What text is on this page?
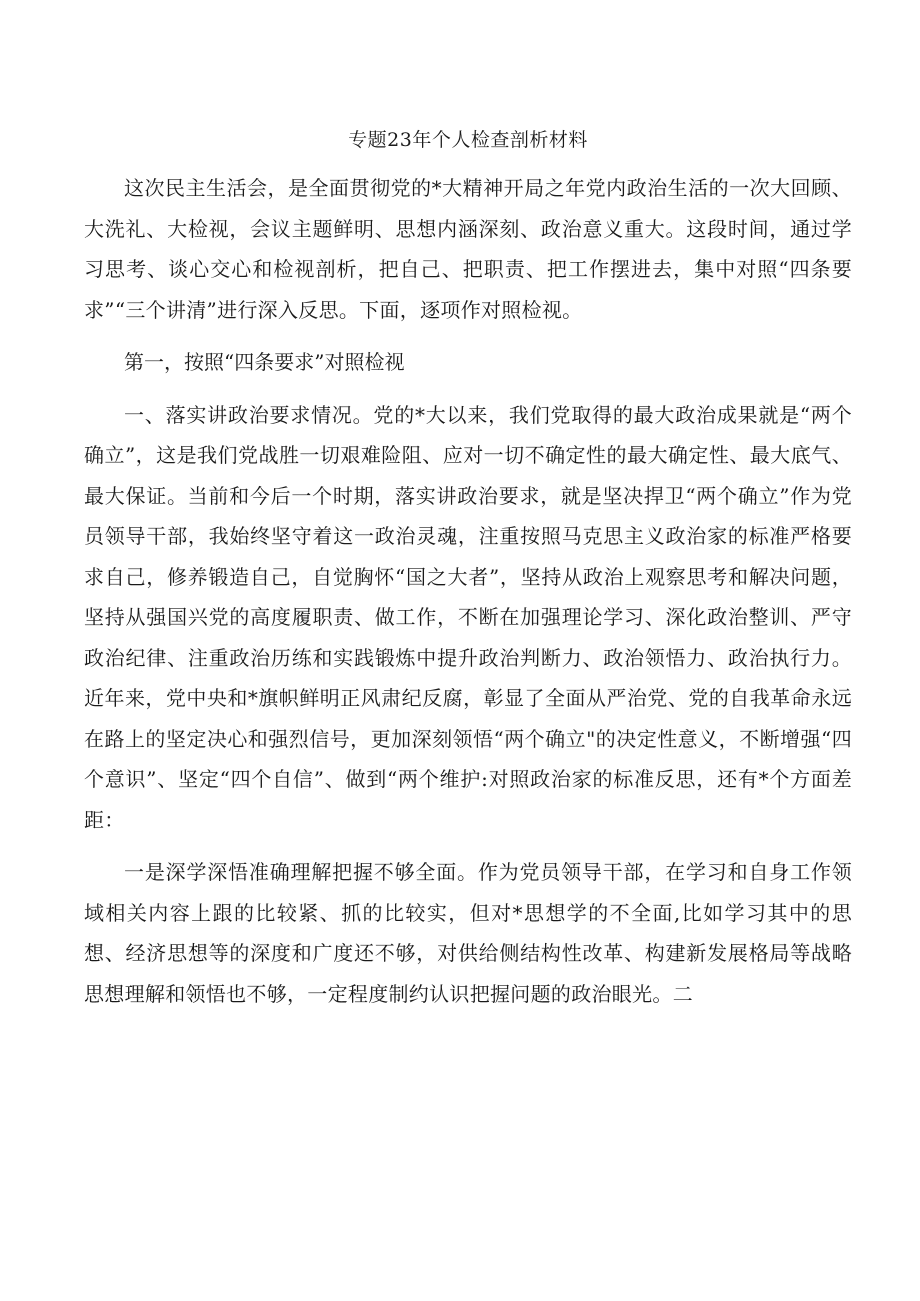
专题23年个人检查剖析材料

这次民主生活会，是全面贯彻党的*大精神开局之年党内政治生活的一次大回顾、大洗礼、大检视，会议主题鲜明、思想内涵深刻、政治意义重大。这段时间，通过学习思考、谈心交心和检视剖析，把自己、把职责、把工作摆进去，集中对照“四条要求”“三个讲清”进行深入反思。下面，逐项作对照检视。

第一，按照“四条要求”对照检视

一、落实讲政治要求情况。党的*大以来，我们党取得的最大政治成果就是“两个确立”，这是我们党战胜一切艰难险阻、应对一切不确定性的最大确定性、最大底气、最大保证。当前和今后一个时期，落实讲政治要求，就是坚决捍卫“两个确立”作为党员领导干部，我始终坚守着这一政治灵魂，注重按照马克思主义政治家的标准严格要求自己，修养锻造自己，自觉胸怀“国之大者”，坚持从政治上观察思考和解决问题，坚持从强国兴党的高度履职责、做工作，不断在加强理论学习、深化政治整训、严守政治纪律、注重政治历练和实践锻炼中提升政治判断力、政治领悟力、政治执行力。近年来，党中央和*旗帜鲜明正风肃纪反腐，彰显了全面从严治党、党的自我革命永远在路上的坚定决心和强烈信号，更加深刻领悟“两个确立"的决定性意义，不断增强“四个意识”、坚定“四个自信”、做到“两个维护:对照政治家的标准反思，还有*个方面差距：

一是深学深悟准确理解把握不够全面。作为党员领导干部，在学习和自身工作领域相关内容上跟的比较紧、抓的比较实，但对*思想学的不全面,比如学习其中的思想、经济思想等的深度和广度还不够，对供给侧结构性改革、构建新发展格局等战略思想理解和领悟也不够，一定程度制约认识把握问题的政治眼光。二
